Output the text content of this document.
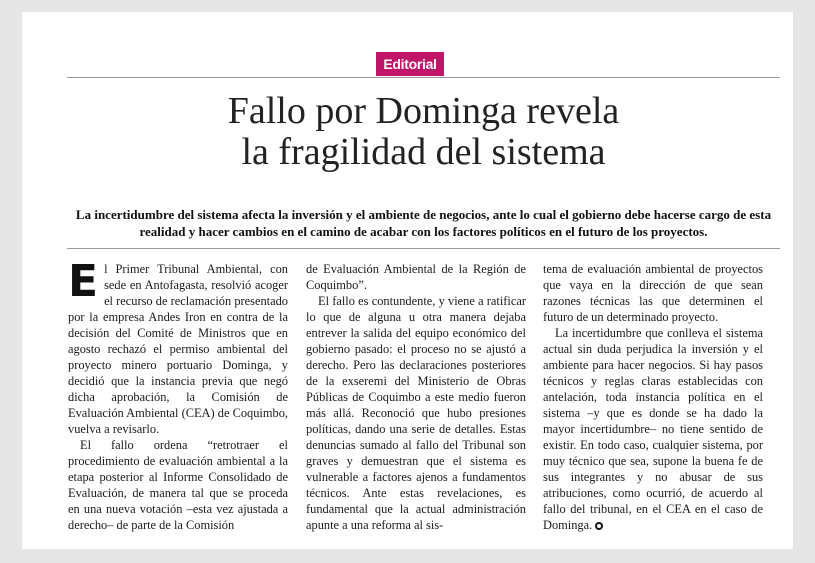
Editorial
Fallo por Dominga revela
la fragilidad del sistema
La incertidumbre del sistema afecta la inversión y el ambiente de negocios, ante lo cual el gobierno debe hacerse cargo de esta realidad y hacer cambios en el camino de acabar con los factores políticos en el futuro de los proyectos.

El Primer Tribunal Ambiental, con sede en Antofagasta, resolvió acoger el recurso de reclamación presentado por la empresa Andes Iron en contra de la decisión del Comité de Ministros que en agosto rechazó el permiso ambiental del proyecto minero portuario Dominga, y decidió que la instancia previa que negó dicha aprobación, la Comisión de Evaluación Ambiental (CEA) de Coquimbo, vuelva a revisarlo.

El fallo ordena “retrotraer el procedimiento de evaluación ambiental a la etapa posterior al Informe Consolidado de Evaluación, de manera tal que se proceda en una nueva votación –esta vez ajustada a derecho– de parte de la Comisión

de Evaluación Ambiental de la Región de Coquimbo”.

El fallo es contundente, y viene a ratificar lo que de alguna u otra manera dejaba entrever la salida del equipo económico del gobierno pasado: el proceso no se ajustó a derecho. Pero las declaraciones posteriores de la exseremi del Ministerio de Obras Públicas de Coquimbo a este medio fueron más allá. Reconoció que hubo presiones políticas, dando una serie de detalles. Estas denuncias sumado al fallo del Tribunal son graves y demuestran que el sistema es vulnerable a factores ajenos a fundamentos técnicos. Ante estas revelaciones, es fundamental que la actual administración apunte a una reforma al sis-

tema de evaluación ambiental de proyectos que vaya en la dirección de que sean razones técnicas las que determinen el futuro de un determinado proyecto.

La incertidumbre que conlleva el sistema actual sin duda perjudica la inversión y el ambiente para hacer negocios. Si hay pasos técnicos y reglas claras establecidas con antelación, toda instancia política en el sistema –y que es donde se ha dado la mayor incertidumbre– no tiene sentido de existir. En todo caso, cualquier sistema, por muy técnico que sea, supone la buena fe de sus integrantes y no abusar de sus atribuciones, como ocurrió, de acuerdo al fallo del tribunal, en el CEA en el caso de Dominga.
